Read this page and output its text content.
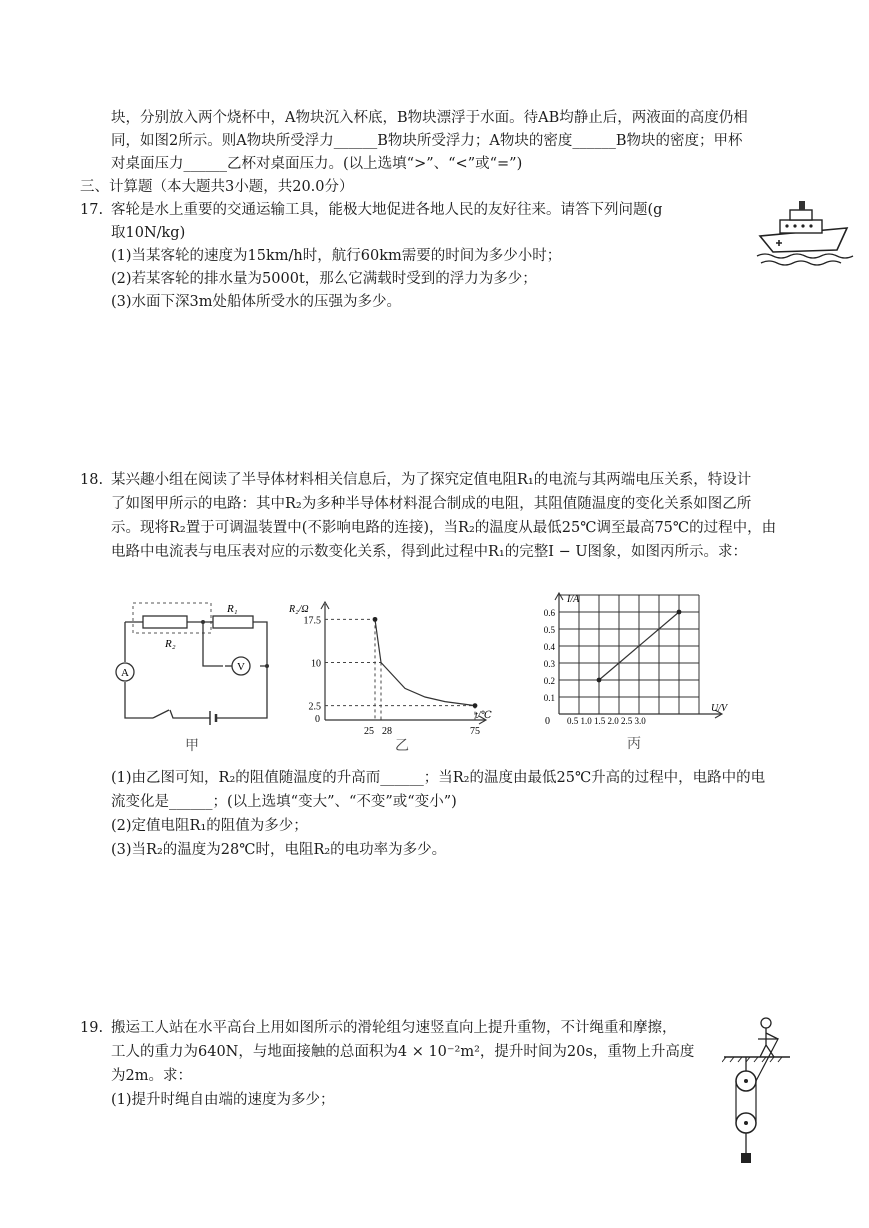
块，分别放入两个烧杯中，A物块沉入杯底，B物块漂浮于水面。待AB均静止后，两液面的高度仍相
同，如图2所示。则A物块所受浮力______B物块所受浮力；A物块的密度______B物块的密度；甲杯
对桌面压力______乙杯对桌面压力。(以上选填“>”、“<”或“=”)
三、计算题（本大题共3小题，共20.0分）
17. 客轮是水上重要的交通运输工具，能极大地促进各地人民的友好往来。请答下列问题(g
取10N/kg)
(1)当某客轮的速度为15km/h时，航行60km需要的时间为多少小时；
(2)若某客轮的排水量为5000t，那么它满载时受到的浮力为多少；
(3)水面下深3m处船体所受水的压强为多少。
18. 某兴趣小组在阅读了半导体材料相关信息后，为了探究定值电阻R₁的电流与其两端电压关系，特设计
了如图甲所示的电路：其中R₂为多种半导体材料混合制成的电阻，其阻值随温度的变化关系如图乙所
示。现将R₂置于可调温装置中(不影响电路的连接)，当R₂的温度从最低25℃调至最高75℃的过程中，由
电路中电流表与电压表对应的示数变化关系，得到此过程中R₁的完整I − U图象，如图丙所示。求：
V
A
R₂
R₁
甲
R₂/Ω
t/℃
0
17.5
10
2.5
25 28	75
乙
I/A
U/V
0 0.5 1.0 1.5 2.0 2.5 3.0
0.6
0.5
0.4
0.3
0.2
0.1
丙
(1)由乙图可知，R₂的阻值随温度的升高而______；当R₂的温度由最低25℃升高的过程中，电路中的电
流变化是______；(以上选填“变大”、“不变”或“变小”)
(2)定值电阻R₁的阻值为多少；
(3)当R₂的温度为28℃时，电阻R₂的电功率为多少。
19. 搬运工人站在水平高台上用如图所示的滑轮组匀速竖直向上提升重物，不计绳重和摩擦，
工人的重力为640N，与地面接触的总面积为4 × 10⁻²m²，提升时间为20s，重物上升高度
为2m。求：
(1)提升时绳自由端的速度为多少；
